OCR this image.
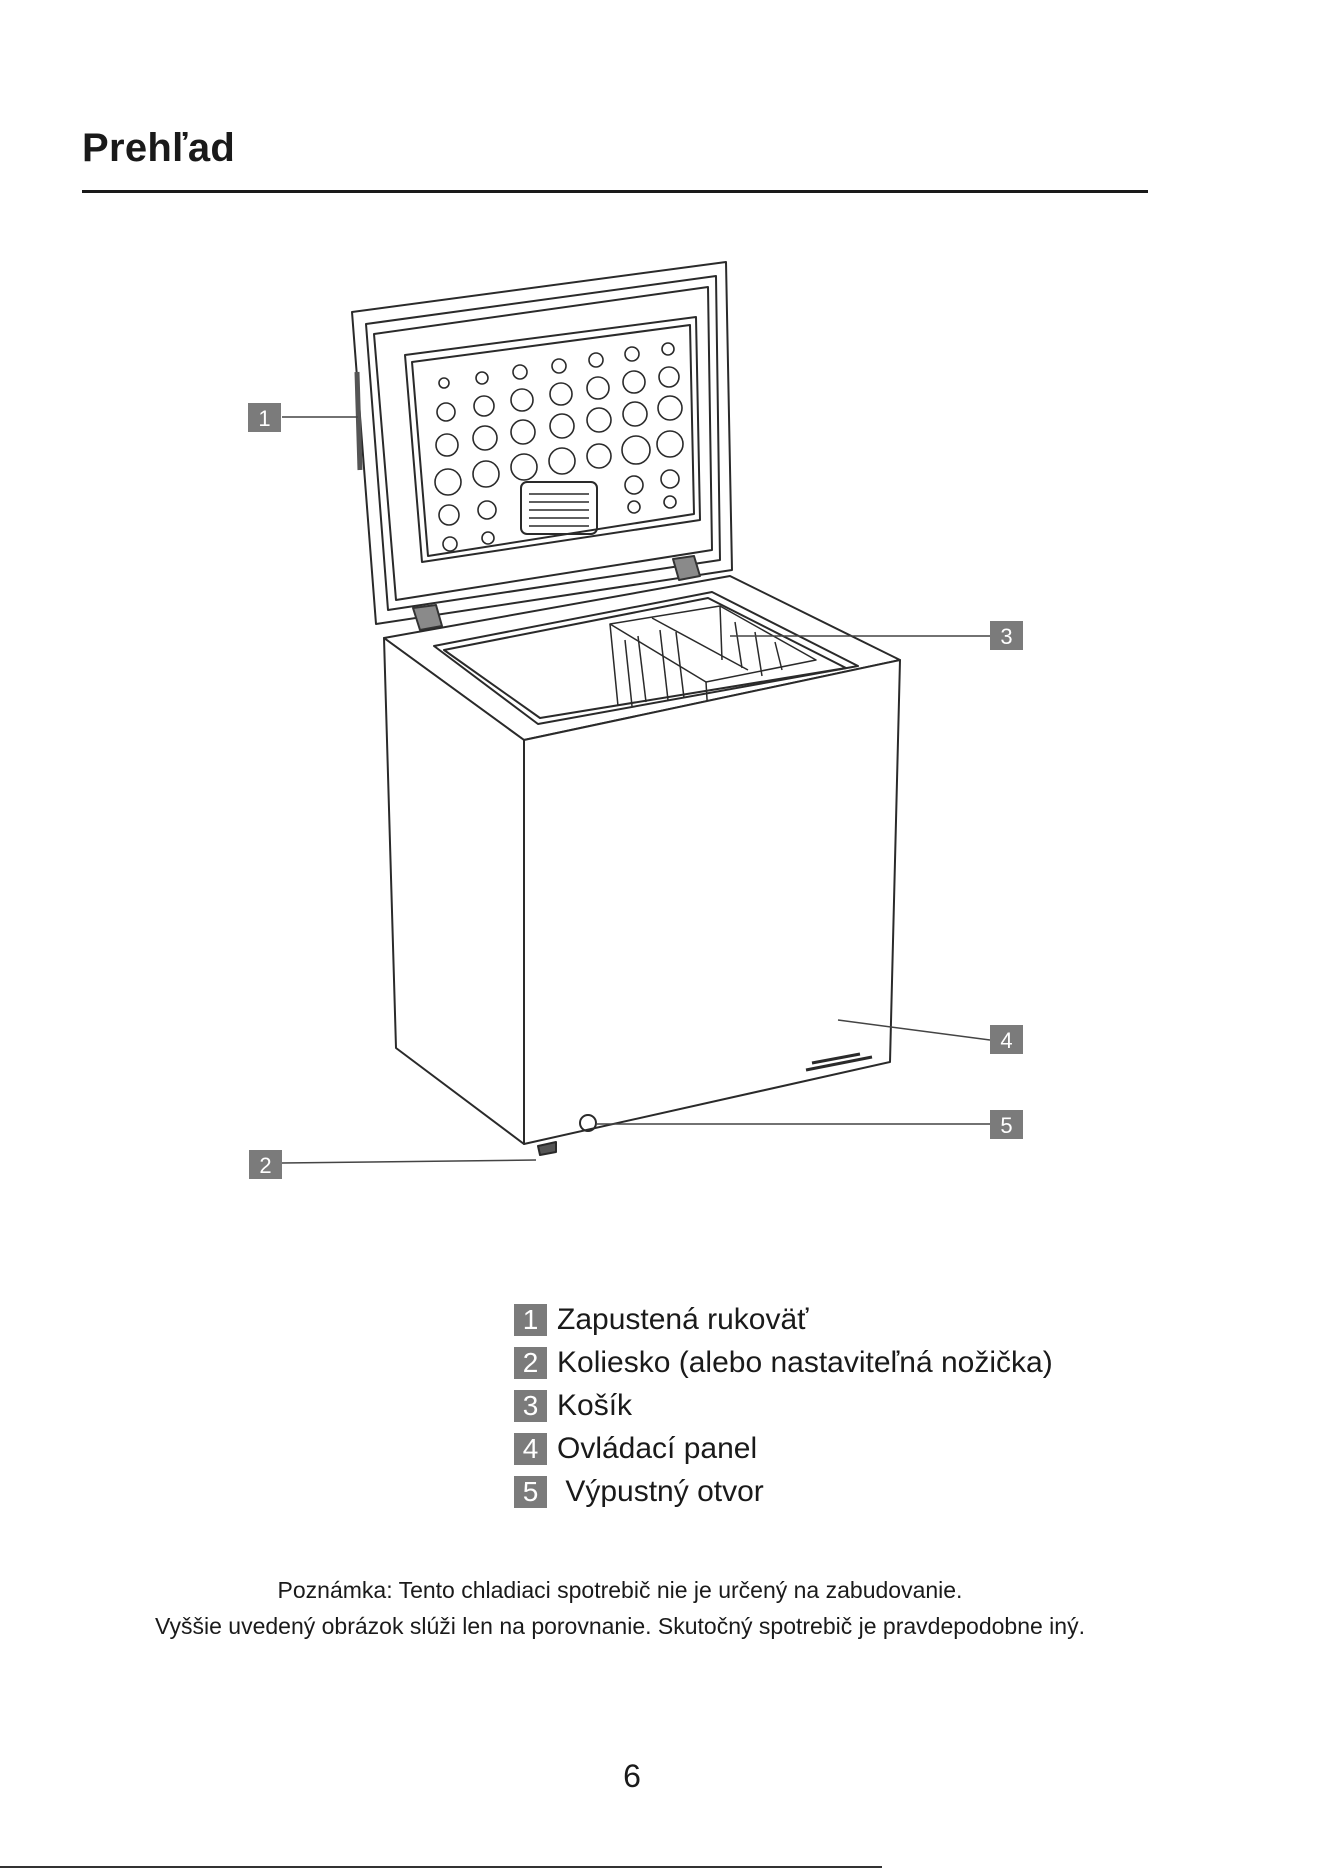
Prehľad
1
2
3
4
5
1 Zapustená rukoväť
2 Koliesko (alebo nastaviteľná nožička)
3 Košík
4 Ovládací panel
5 Výpustný otvor

Poznámka: Tento chladiaci spotrebič nie je určený na zabudovanie.

Vyššie uvedený obrázok slúži len na porovnanie. Skutočný spotrebič je pravdepodobne iný.

6
